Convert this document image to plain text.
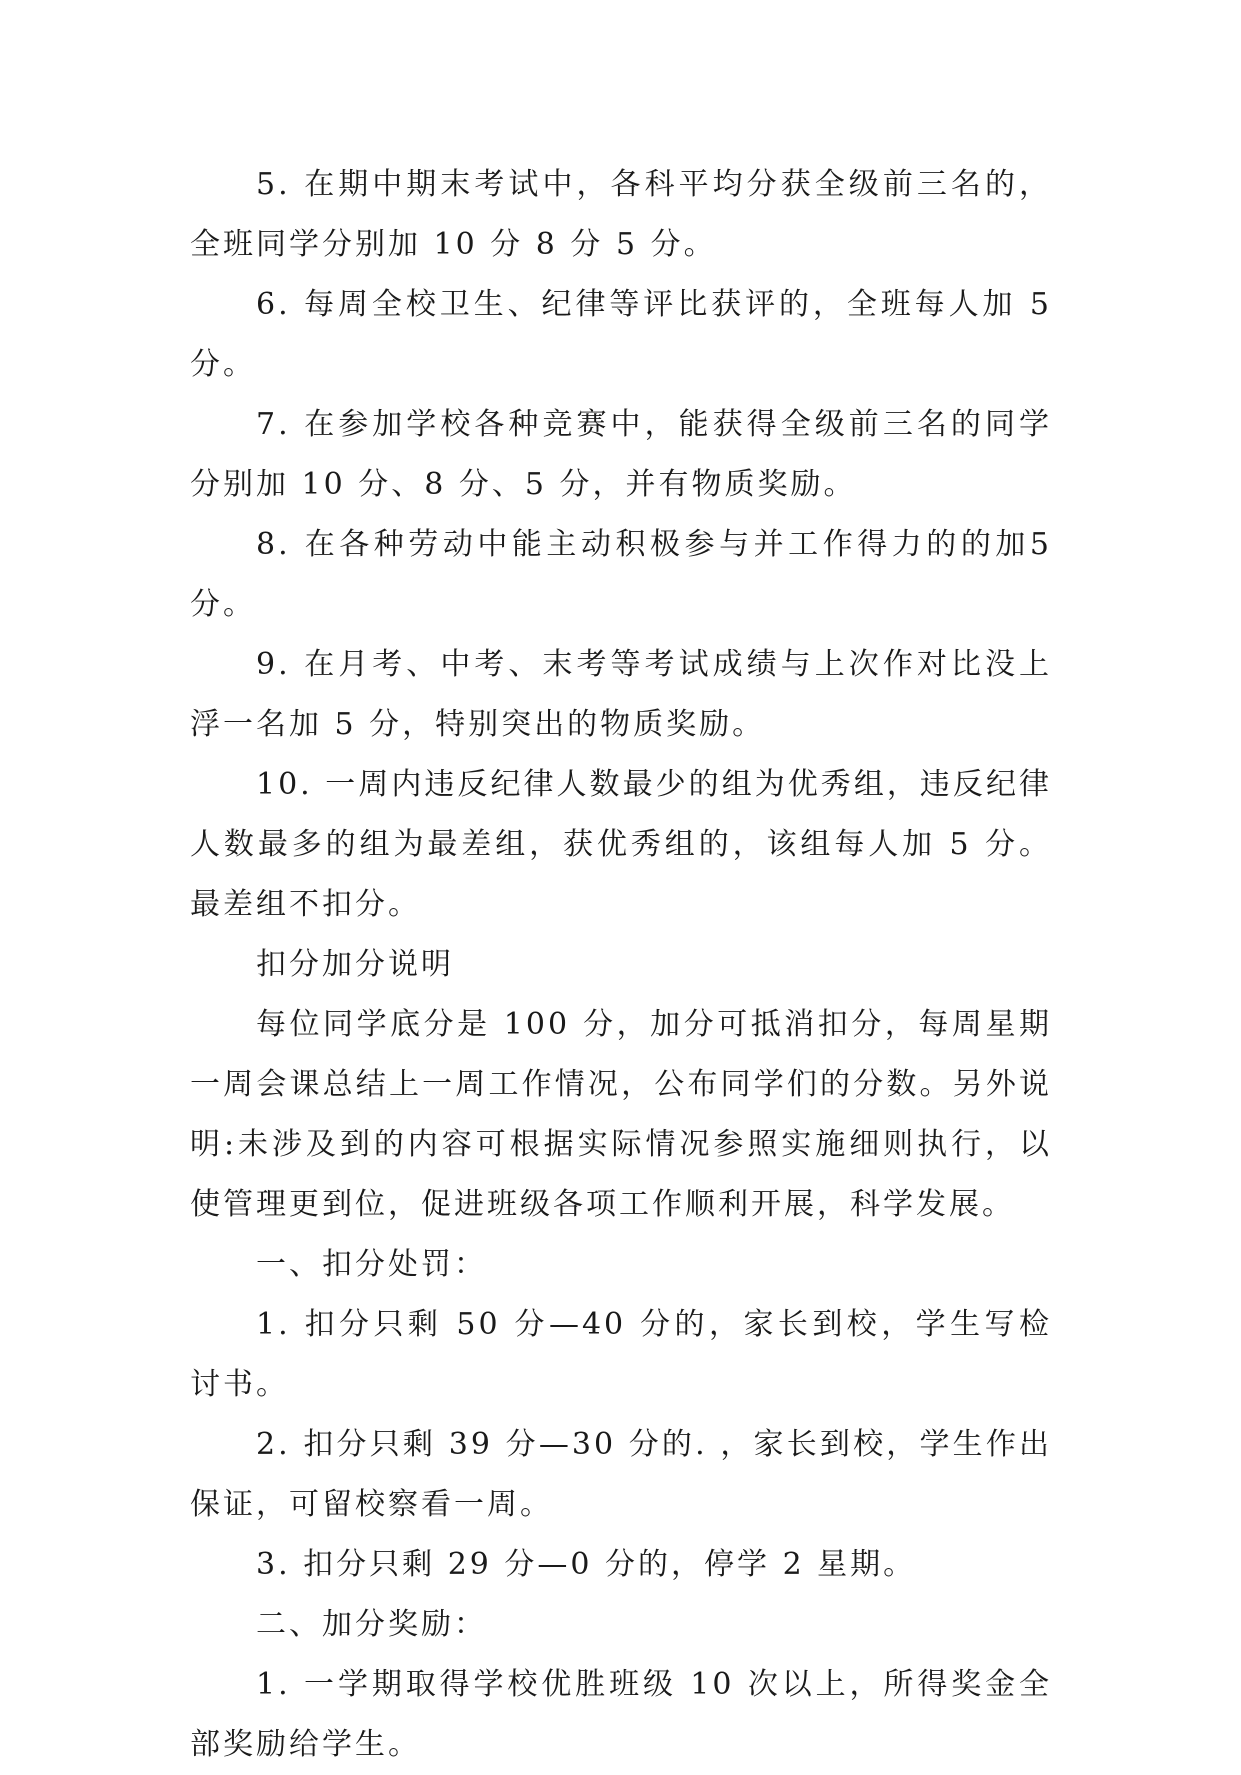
5. 在期中期末考试中，各科平均分获全级前三名的，全班同学分别加 10 分 8 分 5 分。

6. 每周全校卫生、纪律等评比获评的，全班每人加 5 分。

7. 在参加学校各种竞赛中，能获得全级前三名的同学分别加 10 分、8 分、5 分，并有物质奖励。

8. 在各种劳动中能主动积极参与并工作得力的的加5分。

9. 在月考、中考、末考等考试成绩与上次作对比没上浮一名加 5 分，特别突出的物质奖励。

10. 一周内违反纪律人数最少的组为优秀组，违反纪律人数最多的组为最差组，获优秀组的，该组每人加 5 分。最差组不扣分。

扣分加分说明

每位同学底分是 100 分，加分可抵消扣分，每周星期一周会课总结上一周工作情况，公布同学们的分数。另外说明:未涉及到的内容可根据实际情况参照实施细则执行，以使管理更到位，促进班级各项工作顺利开展，科学发展。

一、扣分处罚：

1. 扣分只剩 50 分—40 分的，家长到校，学生写检讨书。

2. 扣分只剩 39 分—30 分的. ，家长到校，学生作出保证，可留校察看一周。

3. 扣分只剩 29 分—0 分的，停学 2 星期。

二、加分奖励：

1. 一学期取得学校优胜班级 10 次以上，所得奖金全部奖励给学生。
